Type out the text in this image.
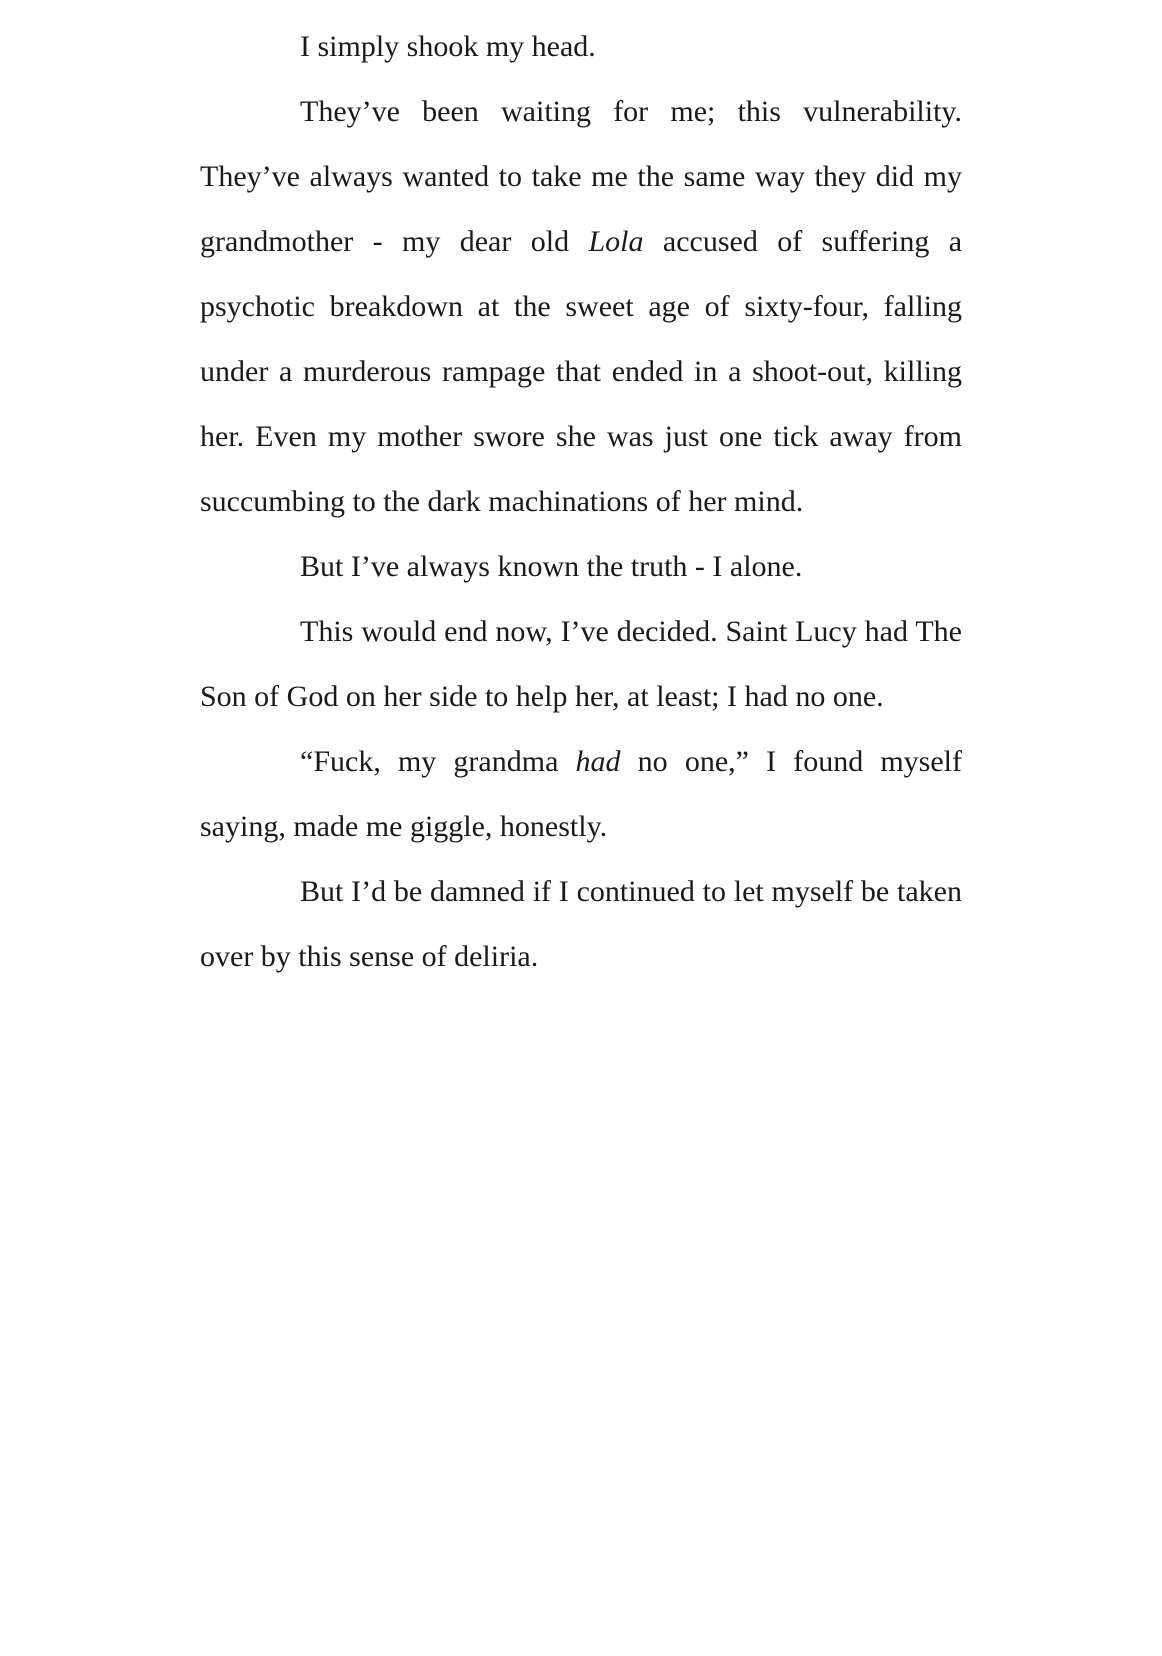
I simply shook my head.

They’ve been waiting for me; this vulnerability. They’ve always wanted to take me the same way they did my grandmother - my dear old Lola accused of suffering a psychotic breakdown at the sweet age of sixty-four, falling under a murderous rampage that ended in a shoot-out, killing her. Even my mother swore she was just one tick away from succumbing to the dark machinations of her mind.

But I’ve always known the truth - I alone.

This would end now, I’ve decided. Saint Lucy had The Son of God on her side to help her, at least; I had no one.

“Fuck, my grandma had no one,” I found myself saying, made me giggle, honestly.

But I’d be damned if I continued to let myself be taken over by this sense of deliria.
